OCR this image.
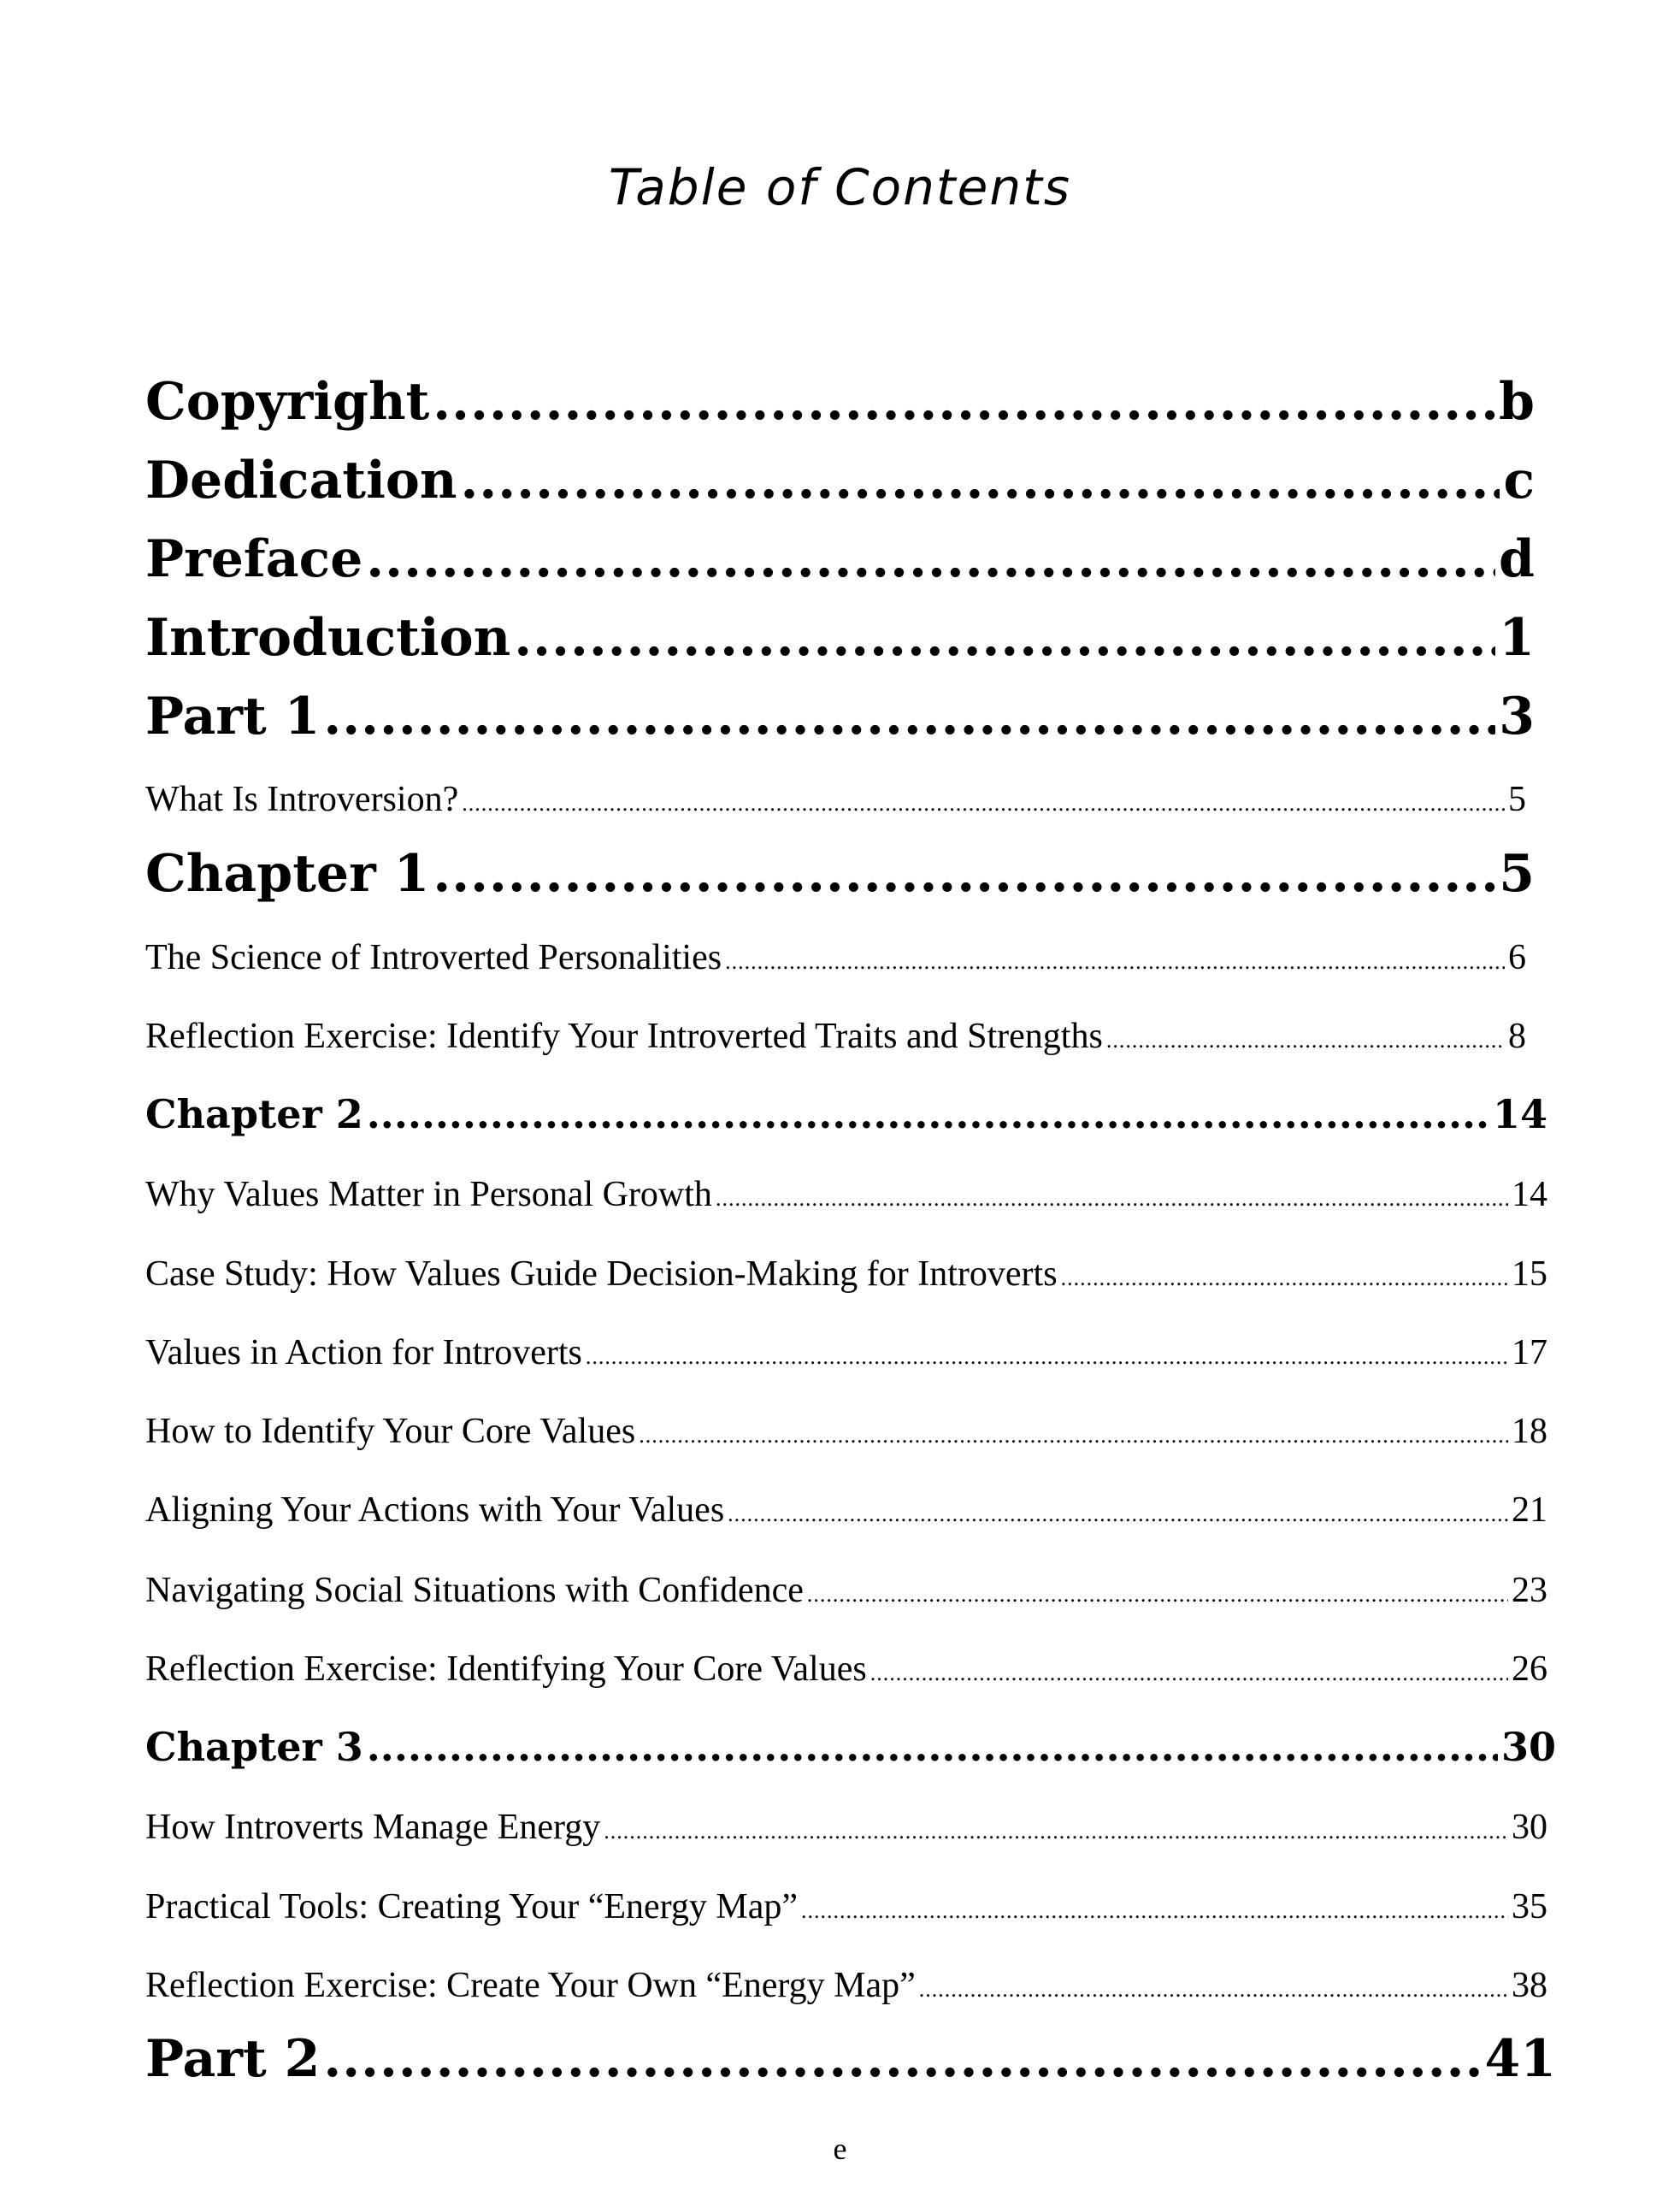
Table of Contents
Copyright .....	b
Dedication .....	c
Preface .....	d
Introduction .....	1
Part 1 .....	3
What Is Introversion? .....	5
Chapter 1 .....	5
The Science of Introverted Personalities .....	6
Reflection Exercise: Identify Your Introverted Traits and Strengths .....	8
Chapter 2 .....	14
Why Values Matter in Personal Growth .....	14
Case Study: How Values Guide Decision-Making for Introverts .....	15
Values in Action for Introverts .....	17
How to Identify Your Core Values .....	18
Aligning Your Actions with Your Values .....	21
Navigating Social Situations with Confidence .....	23
Reflection Exercise: Identifying Your Core Values .....	26
Chapter 3 .....	30
How Introverts Manage Energy .....	30
Practical Tools: Creating Your “Energy Map” .....	35
Reflection Exercise: Create Your Own “Energy Map” .....	38
Part 2 .....	41
e
